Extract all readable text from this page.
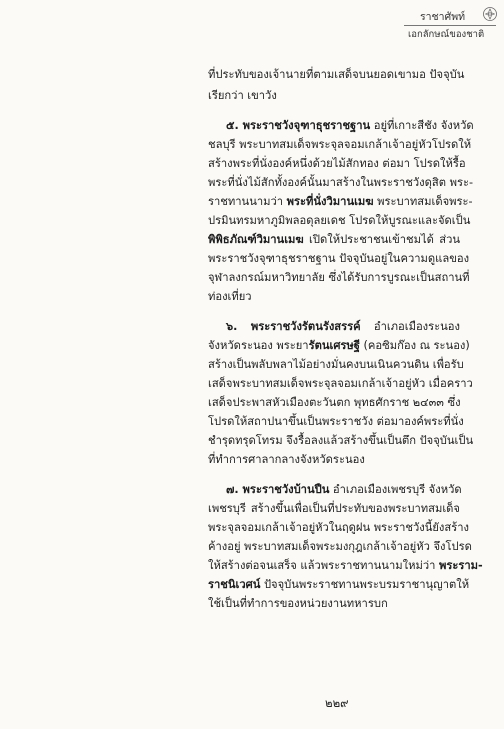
ราชาศัพท์
เอกลักษณ์ของชาติ
ที่ประทับของเจ้านายที่ตามเสด็จบนยอดเขามอ ปัจจุบัน
เรียกว่า เขาวัง
๕. พระราชวังจุฑาธุชราชฐาน อยู่ที่เกาะสีชัง จังหวัด
ชลบุรี พระบาทสมเด็จพระจุลจอมเกล้าเจ้าอยู่หัวโปรดให้
สร้างพระที่นั่งองค์หนึ่งด้วยไม้สักทอง ต่อมา โปรดให้รื้อ
พระที่นั่งไม้สักทั้งองค์นั้นมาสร้างในพระราชวังดุสิต พระ-
ราชทานนามว่า พระที่นั่งวิมานเมฆ พระบาทสมเด็จพระ-
ปรมินทรมหาภูมิพลอดุลยเดช โปรดให้บูรณะและจัดเป็น
พิพิธภัณฑ์วิมานเมฆ เปิดให้ประชาชนเข้าชมได้ ส่วน
พระราชวังจุฑาธุชราชฐาน ปัจจุบันอยู่ในความดูแลของ
จุฬาลงกรณ์มหาวิทยาลัย ซึ่งได้รับการบูรณะเป็นสถานที่
ท่องเที่ยว
๖. พระราชวังรัตนรังสรรค์ อำเภอเมืองระนอง
จังหวัดระนอง พระยารัตนเศรษฐี (คอซิมก๊อง ณ ระนอง)
สร้างเป็นพลับพลาไม้อย่างมั่นคงบนเนินควนดิน เพื่อรับ
เสด็จพระบาทสมเด็จพระจุลจอมเกล้าเจ้าอยู่หัว เมื่อคราว
เสด็จประพาสหัวเมืองตะวันตก พุทธศักราช ๒๔๓๓ ซึ่ง
โปรดให้สถาปนาขึ้นเป็นพระราชวัง ต่อมาองค์พระที่นั่ง
ชำรุดทรุดโทรม จึงรื้อลงแล้วสร้างขึ้นเป็นตึก ปัจจุบันเป็น
ที่ทำการศาลากลางจังหวัดระนอง
๗. พระราชวังบ้านปืน อำเภอเมืองเพชรบุรี จังหวัด
เพชรบุรี สร้างขึ้นเพื่อเป็นที่ประทับของพระบาทสมเด็จ
พระจุลจอมเกล้าเจ้าอยู่หัวในฤดูฝน พระราชวังนี้ยังสร้าง
ค้างอยู่ พระบาทสมเด็จพระมงกุฎเกล้าเจ้าอยู่หัว จึงโปรด
ให้สร้างต่อจนเสร็จ แล้วพระราชทานนามใหม่ว่า พระราม-
ราชนิเวศน์ ปัจจุบันพระราชทานพระบรมราชานุญาตให้
ใช้เป็นที่ทำการของหน่วยงานทหารบก
๒๒๙
